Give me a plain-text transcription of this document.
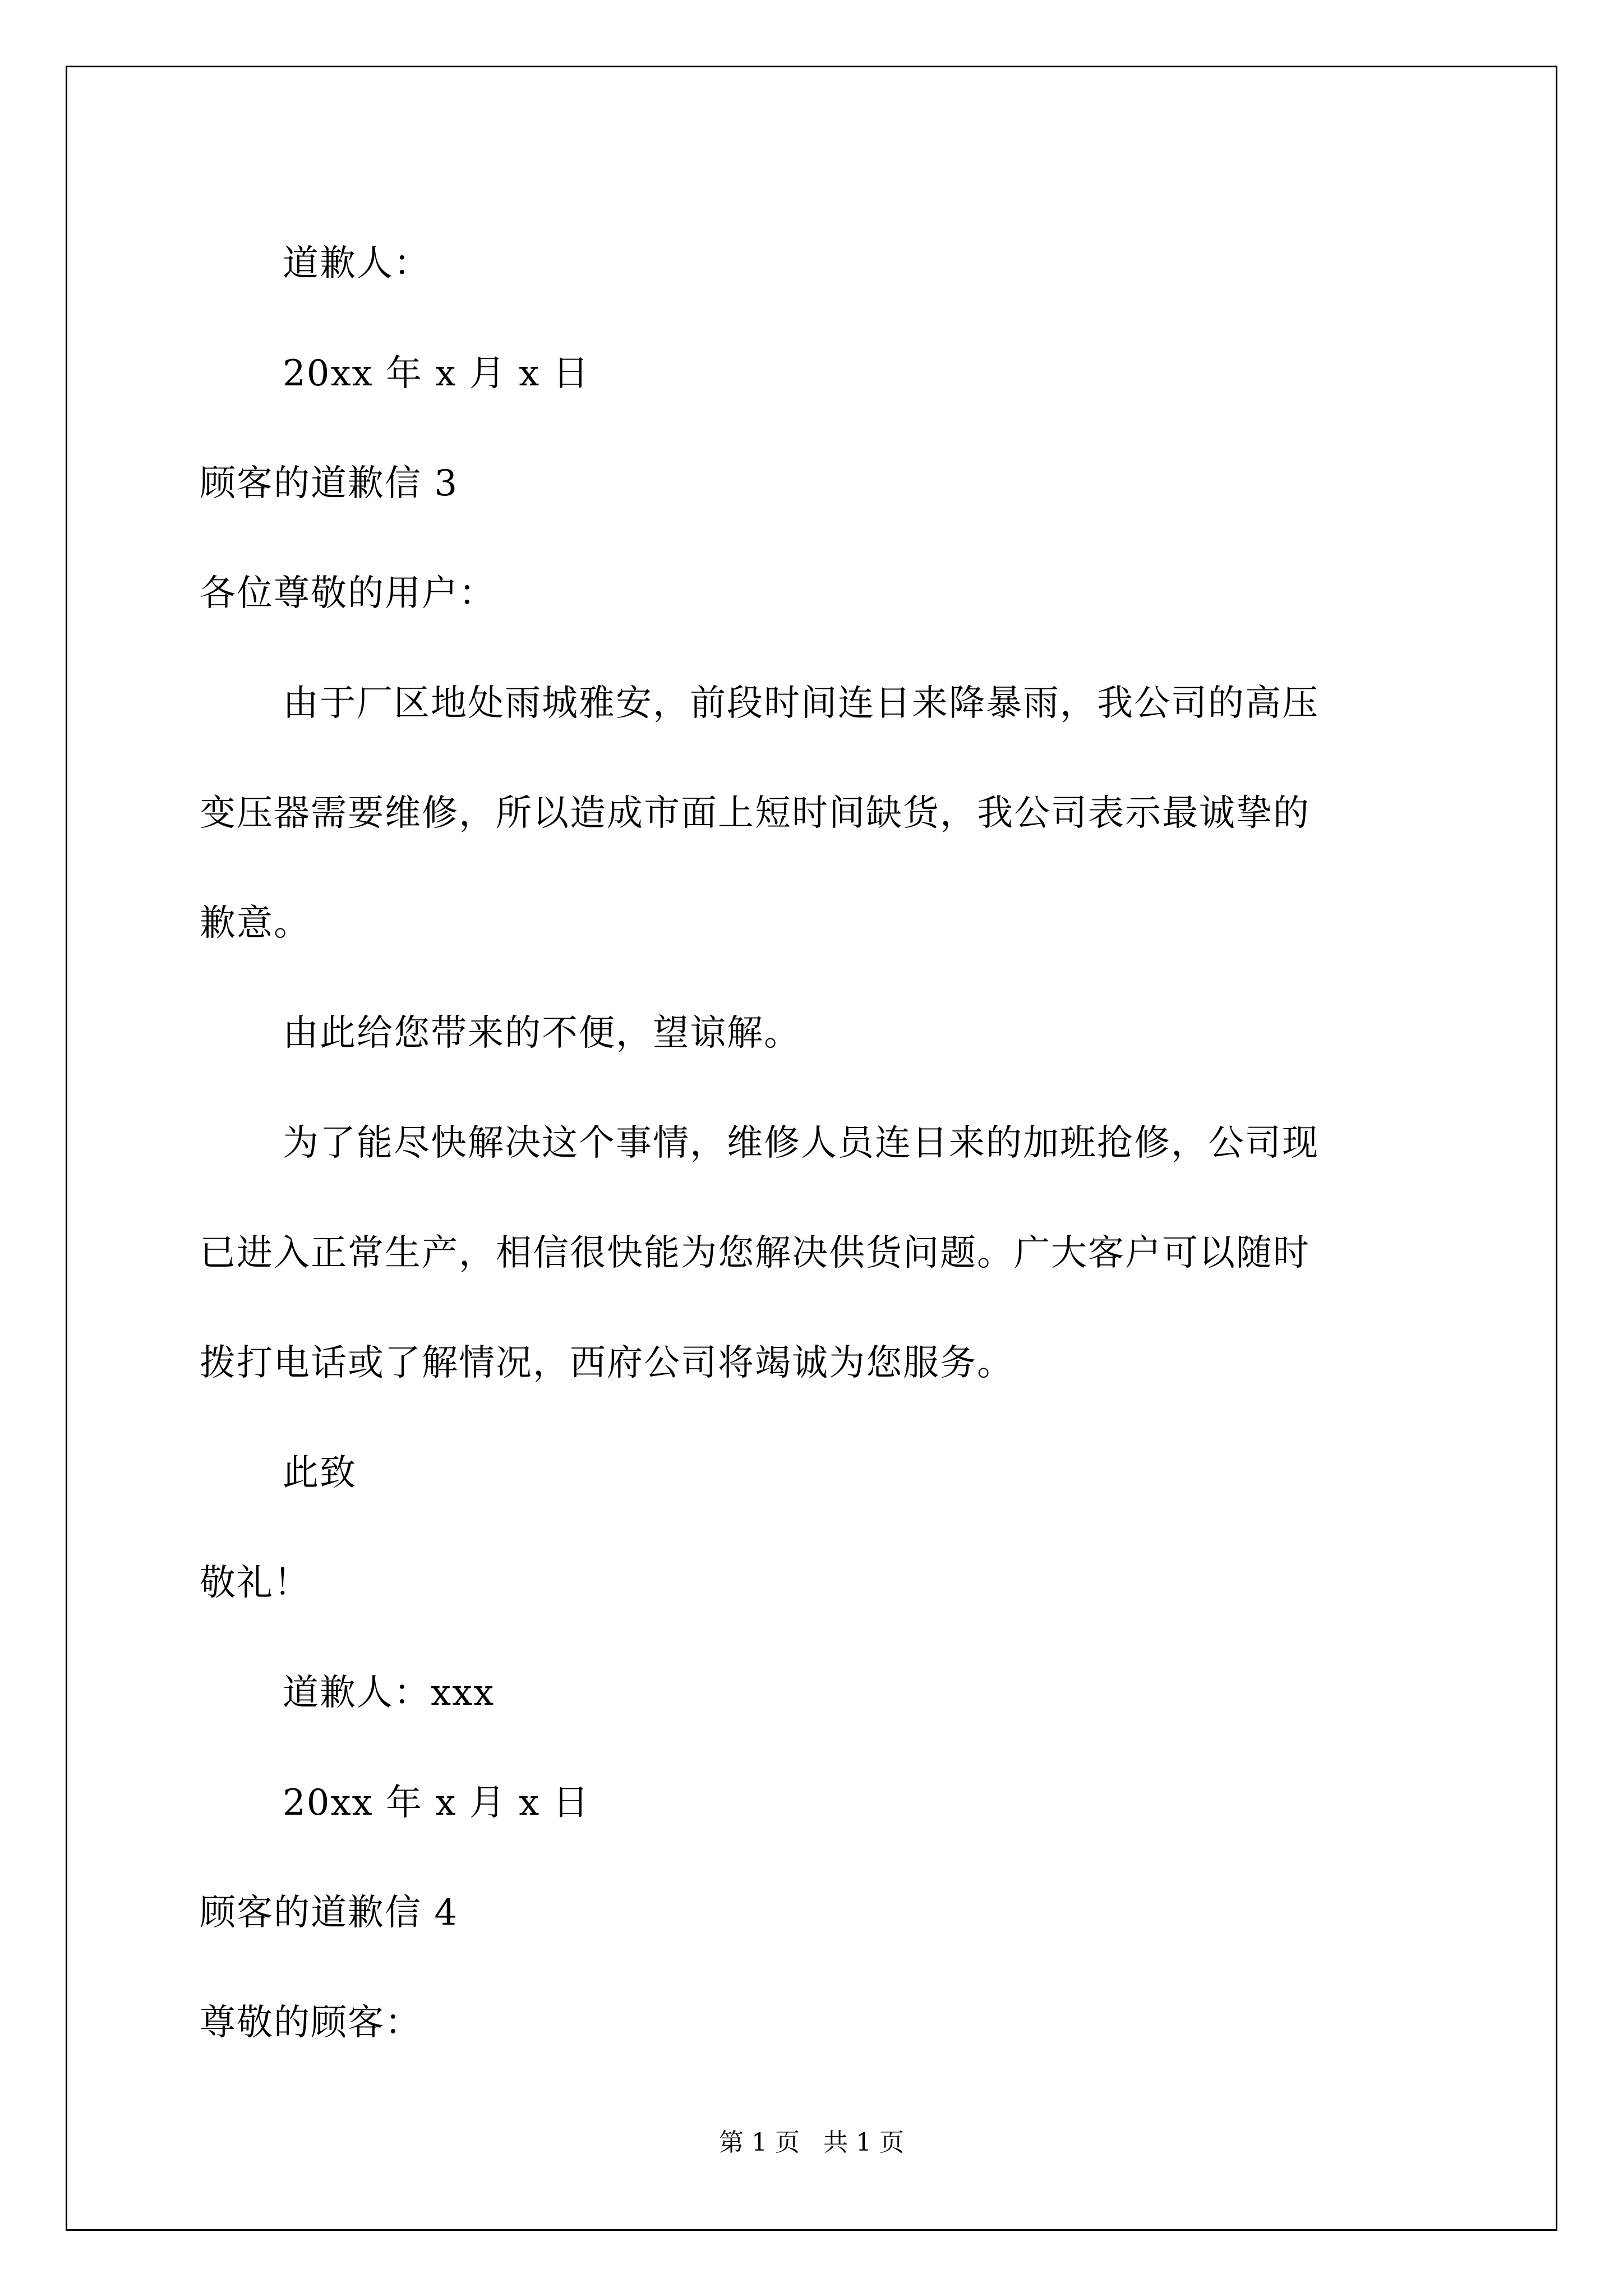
道歉人：
20xx 年 x 月 x 日
顾客的道歉信 3
各位尊敬的用户：
由于厂区地处雨城雅安，前段时间连日来降暴雨，我公司的高压
变压器需要维修，所以造成市面上短时间缺货，我公司表示最诚挚的
歉意。
由此给您带来的不便，望谅解。
为了能尽快解决这个事情，维修人员连日来的加班抢修，公司现
已进入正常生产，相信很快能为您解决供货问题。广大客户可以随时
拨打电话或了解情况，西府公司将竭诚为您服务。
此致
敬礼！
道歉人：xxx
20xx 年 x 月 x 日
顾客的道歉信 4
尊敬的顾客：
第 1 页   共 1 页
